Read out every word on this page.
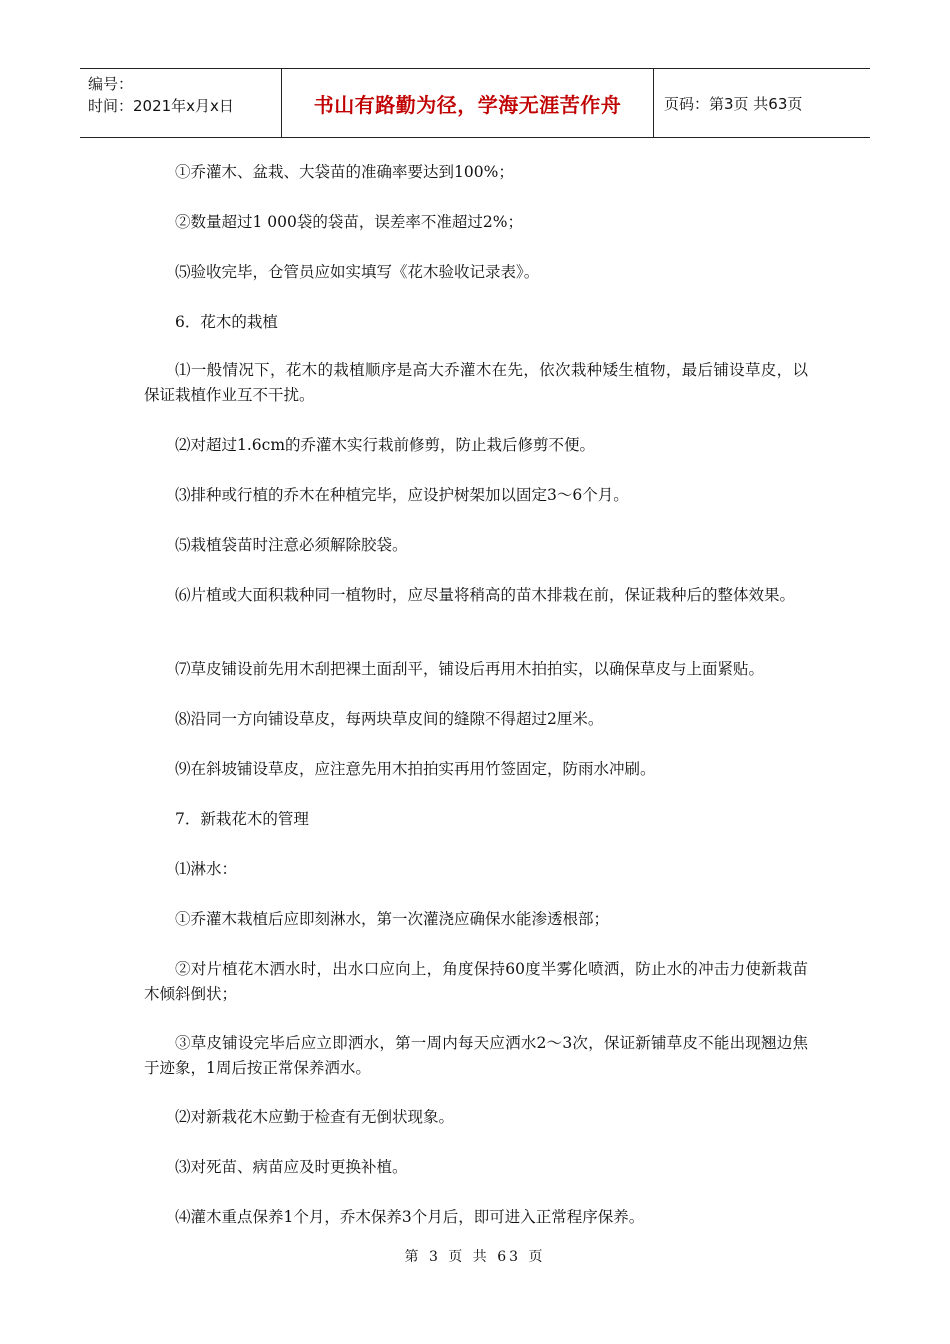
编号：
时间：2021年x月x日	书山有路勤为径，学海无涯苦作舟	页码：第3页 共63页

①乔灌木、盆栽、大袋苗的准确率要达到100%；

②数量超过1 000袋的袋苗，误差率不准超过2%；

⑸验收完毕，仓管员应如实填写《花木验收记录表》。

6．花木的栽植

⑴一般情况下，花木的栽植顺序是高大乔灌木在先，依次栽种矮生植物，最后铺设草皮，以保证栽植作业互不干扰。

⑵对超过1.6cm的乔灌木实行栽前修剪，防止栽后修剪不便。

⑶排种或行植的乔木在种植完毕，应设护树架加以固定3～6个月。

⑸栽植袋苗时注意必须解除胶袋。

⑹片植或大面积栽种同一植物时，应尽量将稍高的苗木排栽在前，保证栽种后的整体效果。

⑺草皮铺设前先用木刮把裸土面刮平，铺设后再用木拍拍实，以确保草皮与上面紧贴。

⑻沿同一方向铺设草皮，每两块草皮间的缝隙不得超过2厘米。

⑼在斜坡铺设草皮，应注意先用木拍拍实再用竹签固定，防雨水冲刷。

7．新栽花木的管理

⑴淋水：

①乔灌木栽植后应即刻淋水，第一次灌浇应确保水能渗透根部；

②对片植花木洒水时，出水口应向上，角度保持60度半雾化喷洒，防止水的冲击力使新栽苗木倾斜倒状；

③草皮铺设完毕后应立即洒水，第一周内每天应洒水2～3次，保证新铺草皮不能出现翘边焦于迹象，1周后按正常保养洒水。

⑵对新栽花木应勤于检查有无倒状现象。

⑶对死苗、病苗应及时更换补植。

⑷灌木重点保养1个月，乔木保养3个月后，即可进入正常程序保养。

第 3 页 共 63 页
